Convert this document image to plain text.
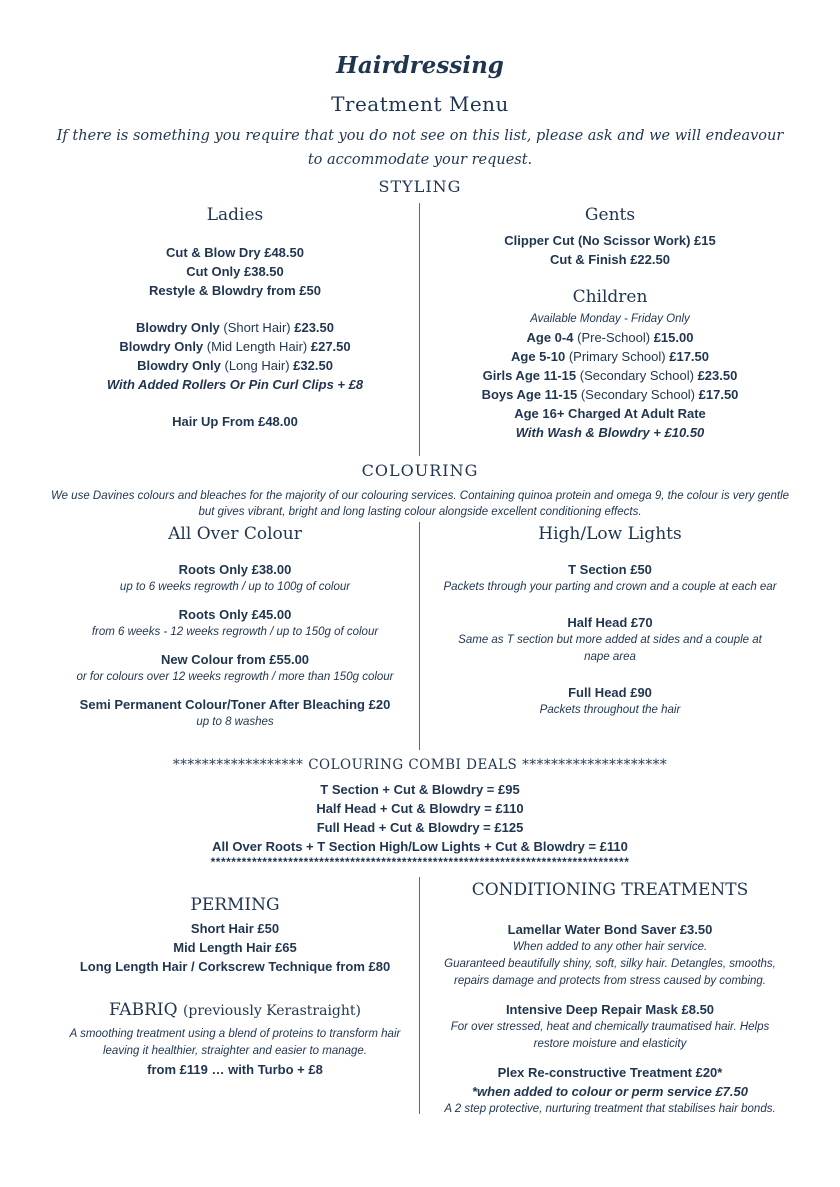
Hairdressing
Treatment Menu
If there is something you require that you do not see on this list, please ask and we will endeavour to accommodate your request.
STYLING
Ladies
Cut & Blow Dry £48.50
Cut Only £38.50
Restyle & Blowdry from £50
Blowdry Only (Short Hair) £23.50
Blowdry Only (Mid Length Hair) £27.50
Blowdry Only (Long Hair) £32.50
With Added Rollers Or Pin Curl Clips + £8
Hair Up From £48.00
Gents
Clipper Cut (No Scissor Work) £15
Cut & Finish £22.50
Children
Available Monday - Friday Only
Age 0-4 (Pre-School) £15.00
Age 5-10 (Primary School) £17.50
Girls Age 11-15 (Secondary School) £23.50
Boys Age 11-15 (Secondary School) £17.50
Age 16+ Charged At Adult Rate
With Wash & Blowdry + £10.50
COLOURING
We use Davines colours and bleaches for the majority of our colouring services. Containing quinoa protein and omega 9, the colour is very gentle but gives vibrant, bright and long lasting colour alongside excellent conditioning effects.
All Over Colour
Roots Only £38.00
up to 6 weeks regrowth / up to 100g of colour
Roots Only £45.00
from 6 weeks - 12 weeks regrowth / up to 150g of colour
New Colour from £55.00
or for colours over 12 weeks regrowth / more than 150g colour
Semi Permanent Colour/Toner After Bleaching £20
up to 8 washes
High/Low Lights
T Section £50
Packets through your parting and crown and a couple at each ear
Half Head £70
Same as T section but more added at sides and a couple at nape area
Full Head £90
Packets throughout the hair
****************** COLOURING COMBI DEALS ********************
T Section + Cut & Blowdry = £95
Half Head + Cut & Blowdry = £110
Full Head + Cut & Blowdry = £125
All Over Roots + T Section High/Low Lights + Cut & Blowdry = £110
*********************************************************************************
PERMING
Short Hair £50
Mid Length Hair £65
Long Length Hair / Corkscrew Technique from £80
FABRIQ (previously Kerastraight)
A smoothing treatment using a blend of proteins to transform hair leaving it healthier, straighter and easier to manage.
from £119 … with Turbo + £8
CONDITIONING TREATMENTS
Lamellar Water Bond Saver £3.50
When added to any other hair service.
Guaranteed beautifully shiny, soft, silky hair. Detangles, smooths, repairs damage and protects from stress caused by combing.
Intensive Deep Repair Mask £8.50
For over stressed, heat and chemically traumatised hair. Helps restore moisture and elasticity
Plex Re-constructive Treatment £20*
*when added to colour or perm service £7.50
A 2 step protective, nurturing treatment that stabilises hair bonds.
